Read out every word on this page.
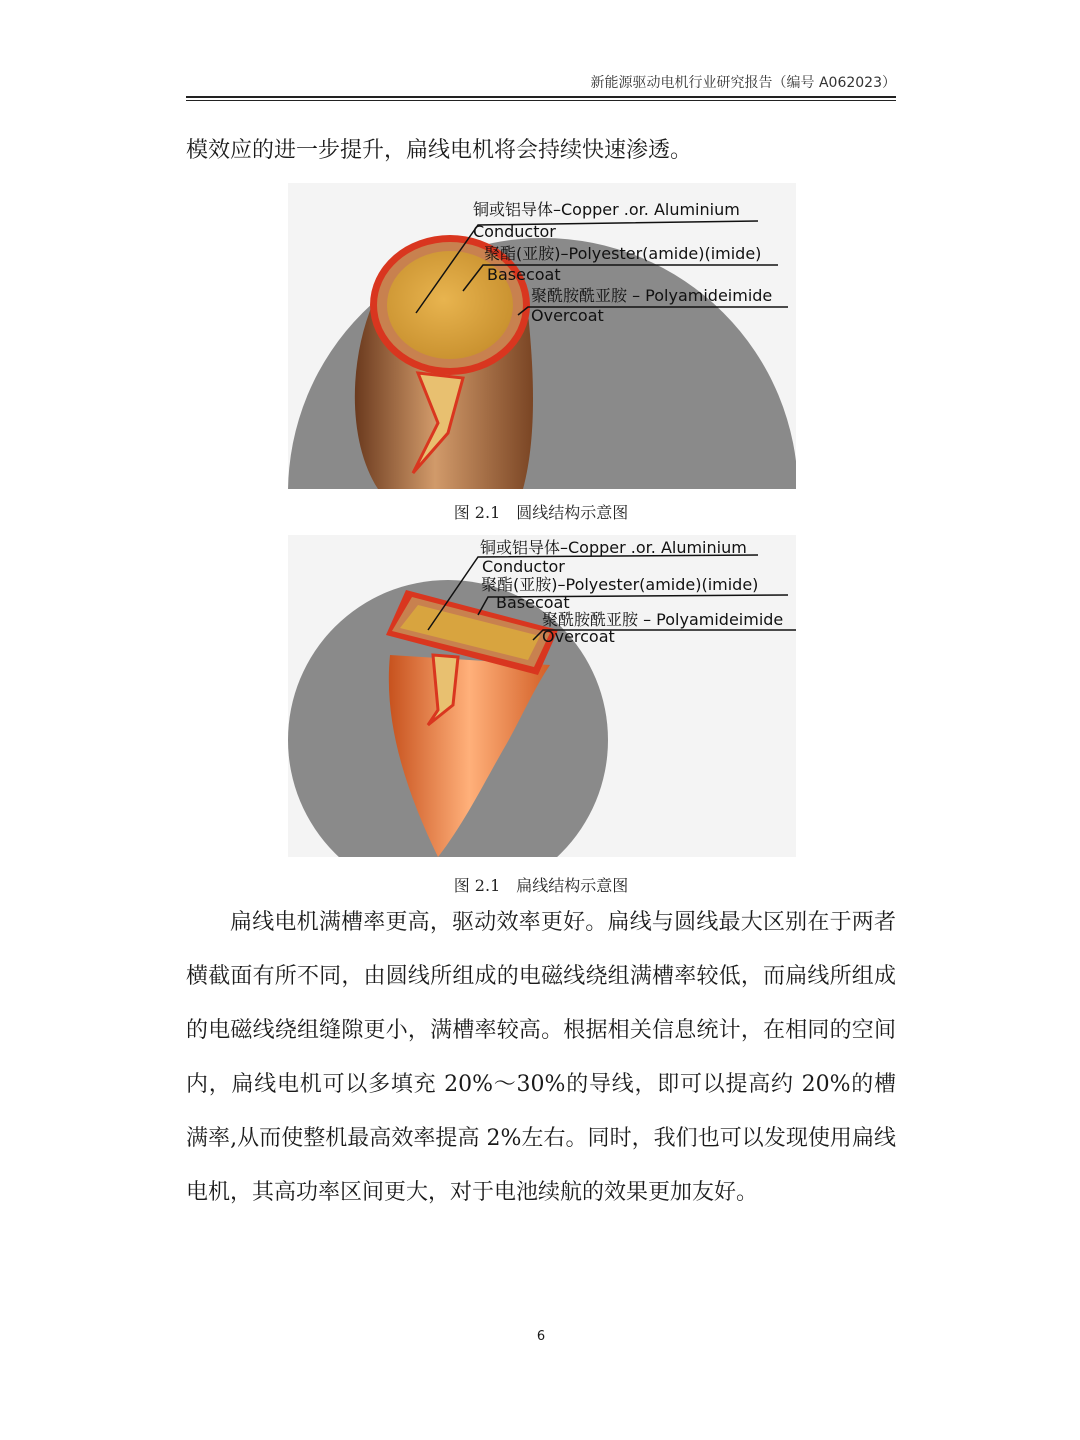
新能源驱动电机行业研究报告（编号 A062023）

模效应的进一步提升，扁线电机将会持续快速渗透。

铜或铝导体–Copper .or. Aluminium
Conductor
聚酯(亚胺)–Polyester(amide)(imide)
Basecoat
聚酰胺酰亚胺 – Polyamideimide
Overcoat
图 2.1　圆线结构示意图
铜或铝导体–Copper .or. Aluminium
Conductor
聚酯(亚胺)–Polyester(amide)(imide)
Basecoat
聚酰胺酰亚胺 – Polyamideimide
Overcoat
图 2.1　扁线结构示意图

扁线电机满槽率更高，驱动效率更好。扁线与圆线最大区别在于两者横截面有所不同，由圆线所组成的电磁线绕组满槽率较低，而扁线所组成的电磁线绕组缝隙更小，满槽率较高。根据相关信息统计，在相同的空间内，扁线电机可以多填充 20%～30%的导线，即可以提高约 20%的槽满率,从而使整机最高效率提高 2%左右。同时，我们也可以发现使用扁线电机，其高功率区间更大，对于电池续航的效果更加友好。

6
